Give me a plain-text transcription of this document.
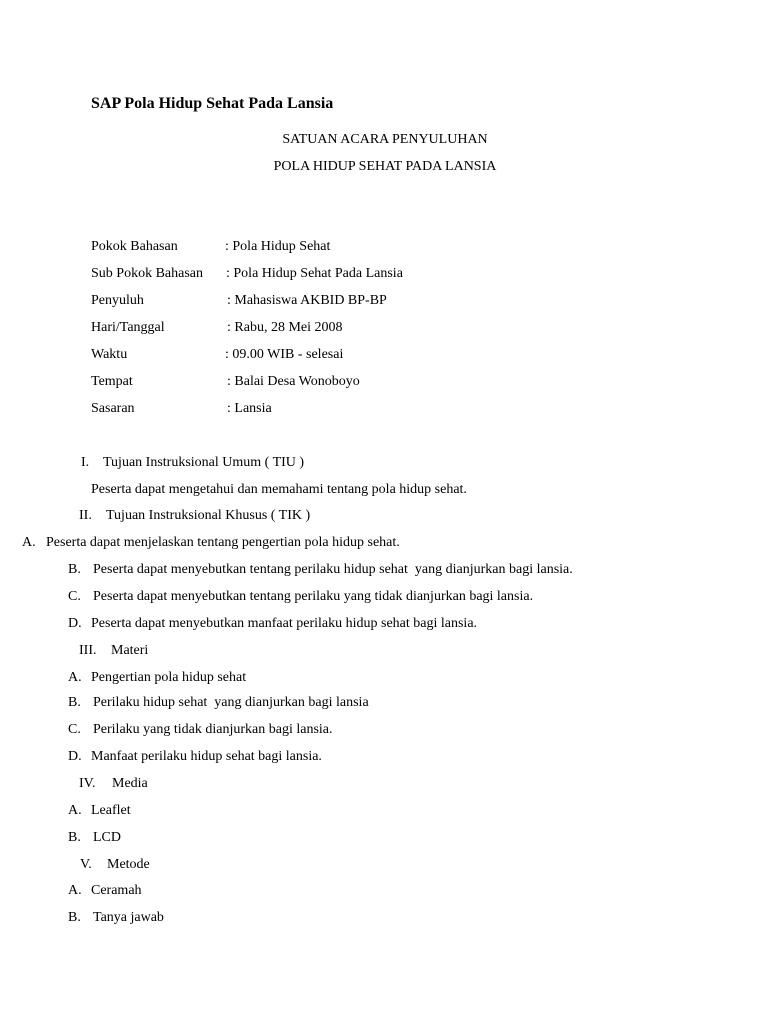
SAP Pola Hidup Sehat Pada Lansia
SATUAN ACARA PENYULUHAN
POLA HIDUP SEHAT PADA LANSIA
Pokok Bahasan	: Pola Hidup Sehat
Sub Pokok Bahasan : Pola Hidup Sehat Pada Lansia
Penyuluh	: Mahasiswa AKBID BP-BP
Hari/Tanggal	: Rabu, 28 Mei 2008
Waktu	: 09.00 WIB - selesai
Tempat	: Balai Desa Wonoboyo
Sasaran	: Lansia
I. Tujuan Instruksional Umum ( TIU )
Peserta dapat mengetahui dan memahami tentang pola hidup sehat.
II. Tujuan Instruksional Khusus ( TIK )
A. Peserta dapat menjelaskan tentang pengertian pola hidup sehat.
B. Peserta dapat menyebutkan tentang perilaku hidup sehat  yang dianjurkan bagi lansia.
C. Peserta dapat menyebutkan tentang perilaku yang tidak dianjurkan bagi lansia.
D. Peserta dapat menyebutkan manfaat perilaku hidup sehat bagi lansia.
III. Materi
A. Pengertian pola hidup sehat
B. Perilaku hidup sehat  yang dianjurkan bagi lansia
C. Perilaku yang tidak dianjurkan bagi lansia.
D. Manfaat perilaku hidup sehat bagi lansia.
IV. Media
A. Leaflet
B. LCD
V. Metode
A. Ceramah
B. Tanya jawab
